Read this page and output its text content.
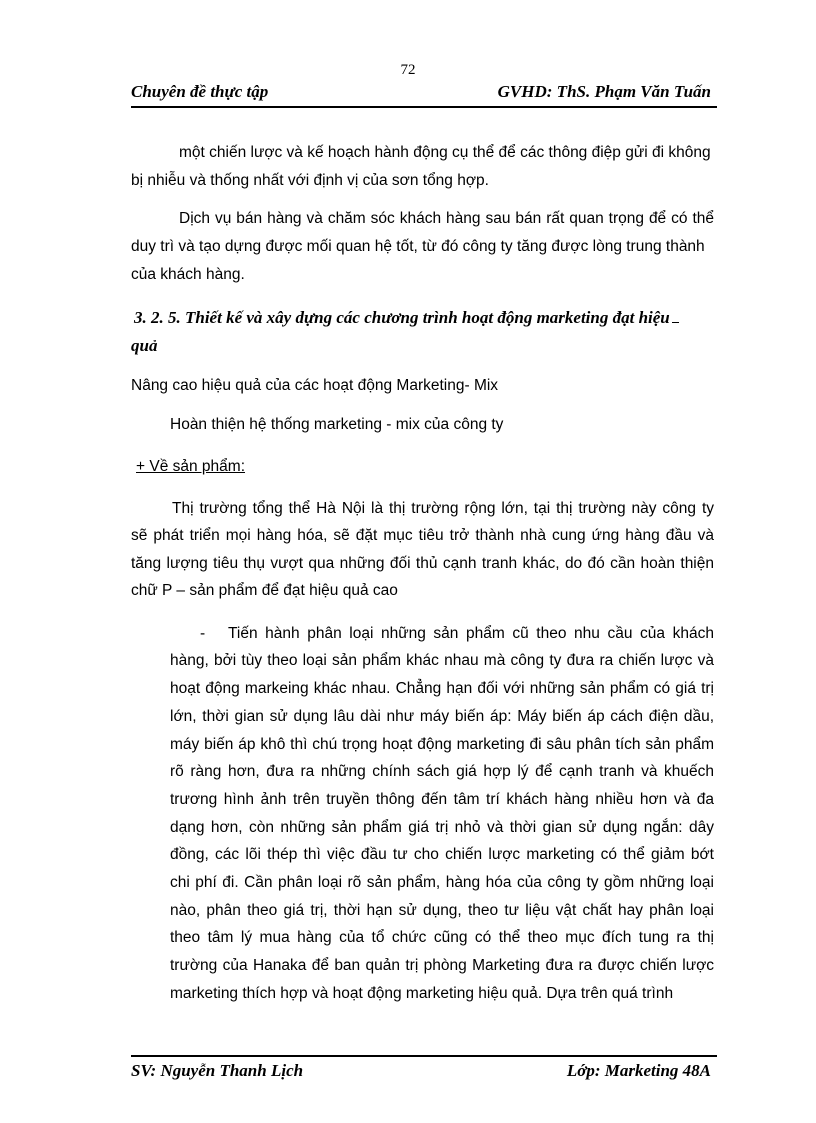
72
Chuyên đề thực tập	GVHD: ThS. Phạm Văn Tuấn
một chiến lược và kế hoạch hành động cụ thể để các thông điệp gửi đi không
bị nhiễu và thống nhất với định vị của sơn tổng hợp.
Dịch vụ bán hàng và chăm sóc khách hàng sau bán rất quan trọng để có thể
duy trì và tạo dựng được mối quan hệ tốt, từ đó công ty tăng được lòng trung thành
của khách hàng.
3. 2. 5. Thiết kế và xây dựng các chương trình hoạt động marketing đạt hiệu
quả
Nâng cao hiệu quả của các hoạt động Marketing- Mix
Hoàn thiện hệ thống marketing - mix của công ty
+ Về sản phẩm:
Thị trường tổng thể Hà Nội là thị trường rộng lớn, tại thị trường này công ty
sẽ phát triển mọi hàng hóa, sẽ đặt mục tiêu trở thành nhà cung ứng hàng đầu và
tăng lượng tiêu thụ vượt qua những đối thủ cạnh tranh khác, do đó cần hoàn thiện
chữ P – sản phẩm để đạt hiệu quả cao
- Tiến hành phân loại những sản phẩm cũ theo nhu cầu của khách
hàng, bởi tùy theo loại sản phẩm khác nhau mà công ty đưa ra chiến lược và
hoạt động markeing khác nhau. Chẳng hạn đối với những sản phẩm có giá trị
lớn, thời gian sử dụng lâu dài như máy biến áp: Máy biến áp cách điện dầu,
máy biến áp khô thì chú trọng hoạt động marketing đi sâu phân tích sản phẩm
rõ ràng hơn, đưa ra những chính sách giá hợp lý để cạnh tranh và khuếch
trương hình ảnh trên truyền thông đến tâm trí khách hàng nhiều hơn và đa
dạng hơn, còn những sản phẩm giá trị nhỏ và thời gian sử dụng ngắn: dây
đồng, các lõi thép thì việc đầu tư cho chiến lược marketing có thể giảm bớt
chi phí đi. Cần phân loại rõ sản phẩm, hàng hóa của công ty gồm những loại
nào, phân theo giá trị, thời hạn sử dụng, theo tư liệu vật chất hay phân loại
theo tâm lý mua hàng của tổ chức cũng có thể theo mục đích tung ra thị
trường của Hanaka để ban quản trị phòng Marketing đưa ra được chiến lược
marketing thích hợp và hoạt động marketing hiệu quả. Dựa trên quá trình
SV: Nguyễn Thanh Lịch	Lớp: Marketing 48A
